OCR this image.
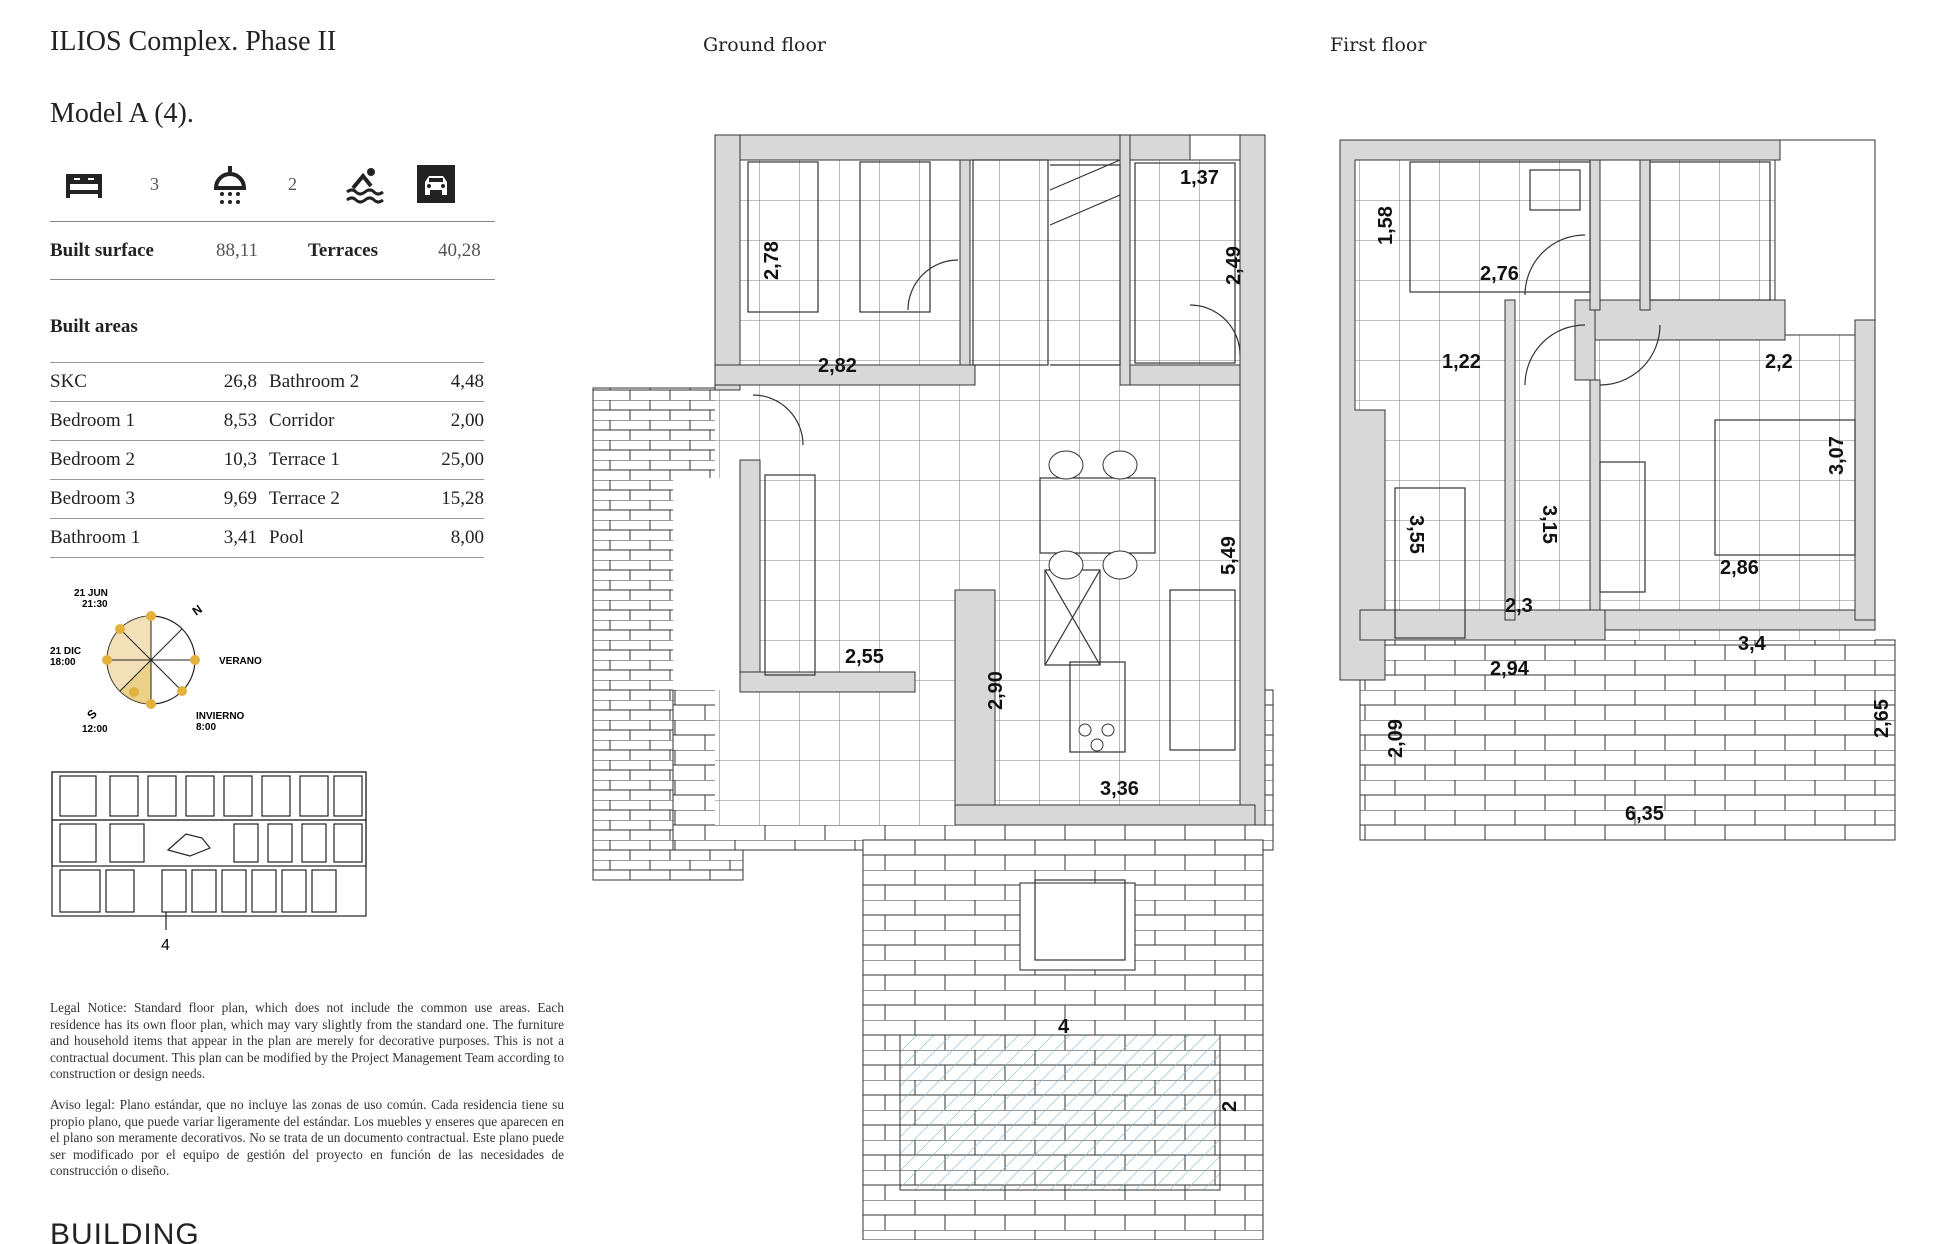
ILIOS Complex. Phase II
Model A (4).
Ground floor	First floor
3	2
Built surface	88,11	Terraces	40,28
Built areas
SKC	26,8	Bathroom 2	4,48
Bedroom 1	8,53	Corridor	2,00
Bedroom 2	10,3	Terrace 1	25,00
Bedroom 3	9,69	Terrace 2	15,28
Bathroom 1	3,41	Pool	8,00
21 JUN
21:30
21 DIC
18:00
N
VERANO
S
12:00
INVIERNO
8:00
4
Legal Notice: Standard floor plan, which does not include the common use areas. Each residence has its own floor plan, which may vary slightly from the standard one. The furniture and household items that appear in the plan are merely for decorative purposes. This is not a contractual document. This plan can be modified by the Project Management Team according to construction or design needs.
Aviso legal: Plano estándar, que no incluye las zonas de uso común. Cada residencia tiene su propio plano, que puede variar ligeramente del estándar. Los muebles y enseres que aparecen en el plano son meramente decorativos. No se trata de un documento contractual. Este plano puede ser modificado por el equipo de gestión del proyecto en función de las necesidades de construcción o diseño.
BUILDING
2,78
2,82
1,37
2,49
5,49
2,55
2,90
3,36
4
2
1,58
2,76
1,22	2,2
3,07
3,55	3,15
2,86
2,3
3,4
2,94
2,09
2,65
6,35
